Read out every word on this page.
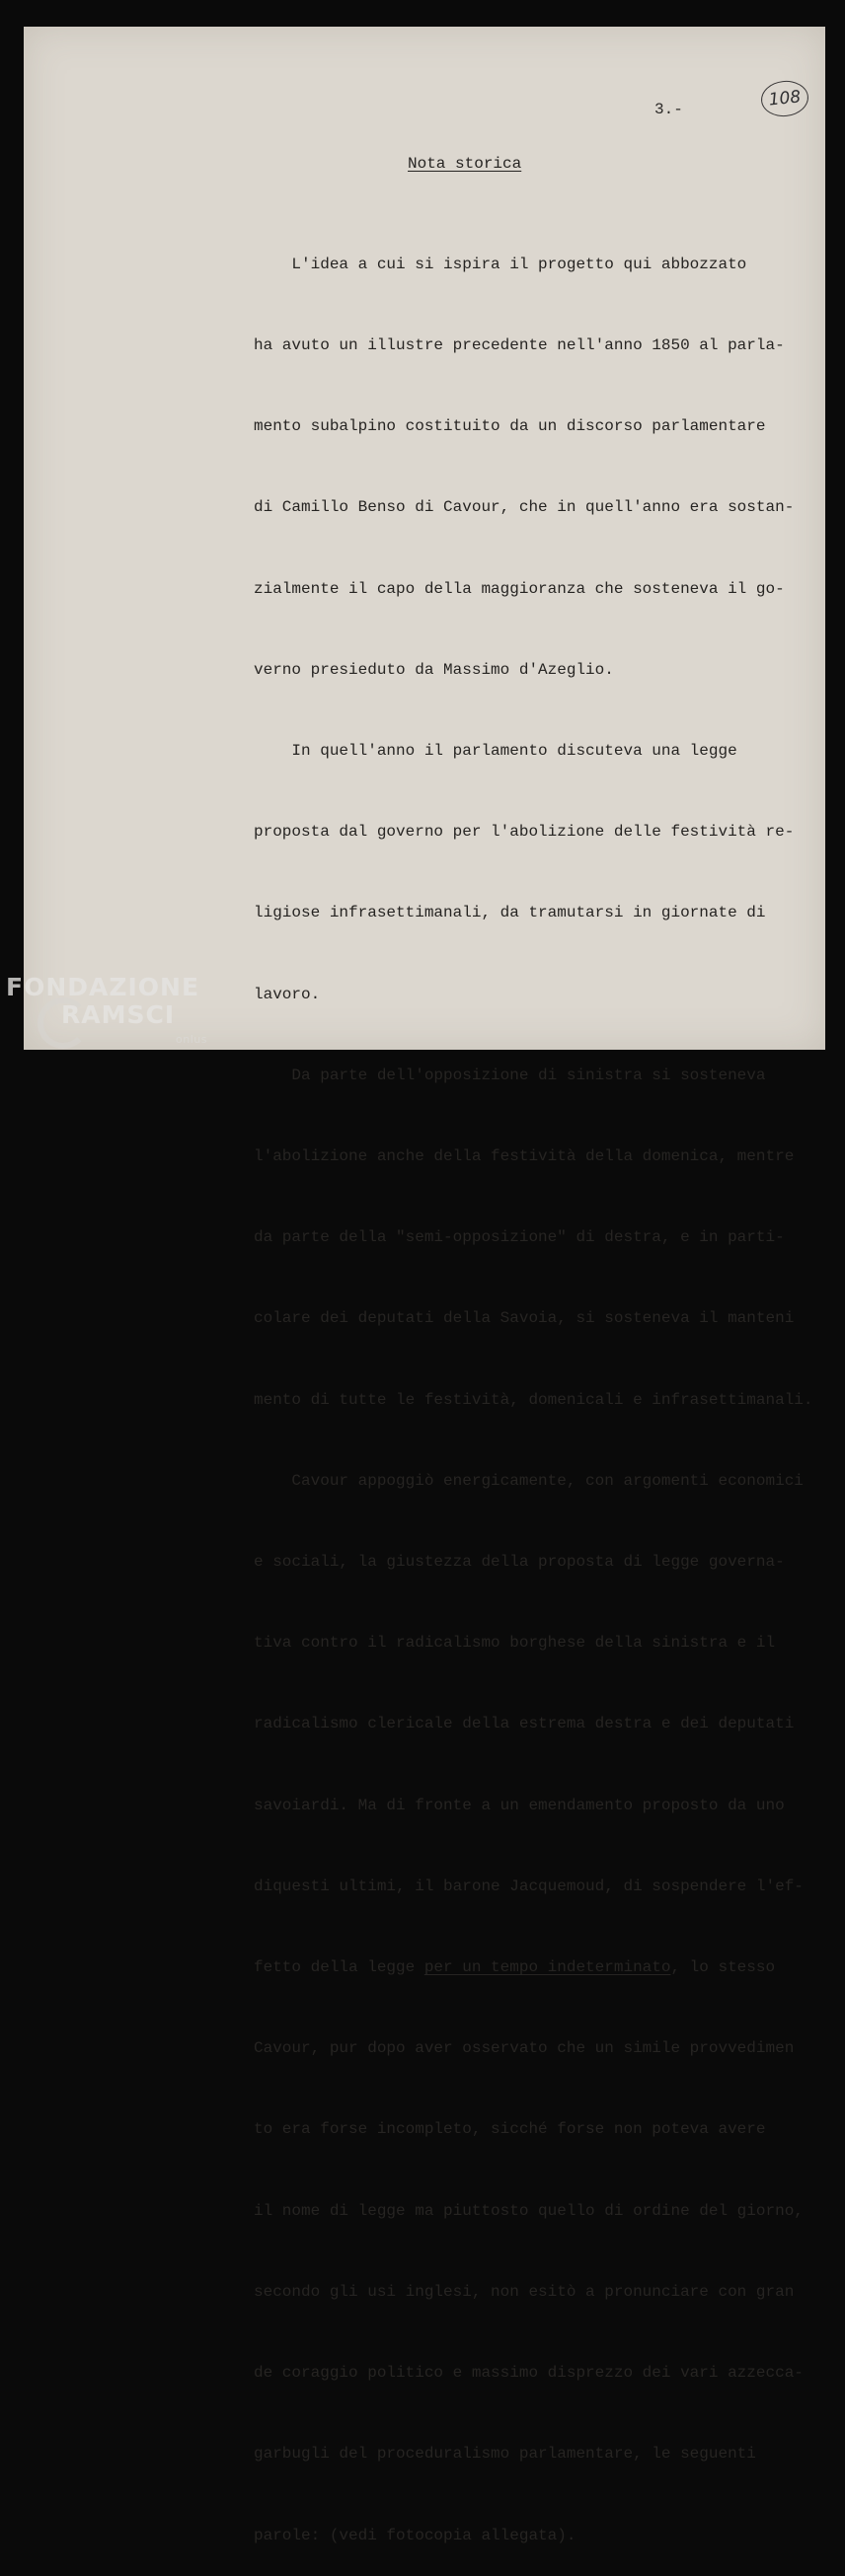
3.-	108
Nota storica

L'idea a cui si ispira il progetto qui abbozzato

ha avuto un illustre precedente nell'anno 1850 al parla-

mento subalpino costituito da un discorso parlamentare

di Camillo Benso di Cavour, che in quell'anno era sostan-

zialmente il capo della maggioranza che sosteneva il go-

verno presieduto da Massimo d'Azeglio.

In quell'anno il parlamento discuteva una legge

proposta dal governo per l'abolizione delle festività re-

ligiose infrasettimanali, da tramutarsi in giornate di

lavoro.

Da parte dell'opposizione di sinistra si sosteneva

l'abolizione anche della festività della domenica, mentre

da parte della "semi-opposizione" di destra, e in parti-

colare dei deputati della Savoia, si sosteneva il manteni

mento di tutte le festività, domenicali e infrasettimanali.

Cavour appoggiò energicamente, con argomenti economici

e sociali, la giustezza della proposta di legge governa-

tiva contro il radicalismo borghese della sinistra e il

radicalismo clericale della estrema destra e dei deputati

savoiardi. Ma di fronte a un emendamento proposto da uno

diquesti ultimi, il barone Jacquemoud, di sospendere l'ef-

fetto della legge per un tempo indeterminato, lo stesso

Cavour, pur dopo aver osservato che un simile provvedimen

to era forse incompleto, sicché forse non poteva avere

il nome di legge ma piuttosto quello di ordine del giorno,

secondo gli usi inglesi, non esitò a pronunciare con gran

de coraggio politico e massimo disprezzo dei vari azzecca-

garbugli del proceduralismo parlamentare, le seguenti

parole: (vedi fotocopia allegata).

FONDAZIONE
RAMSCI
onlus
